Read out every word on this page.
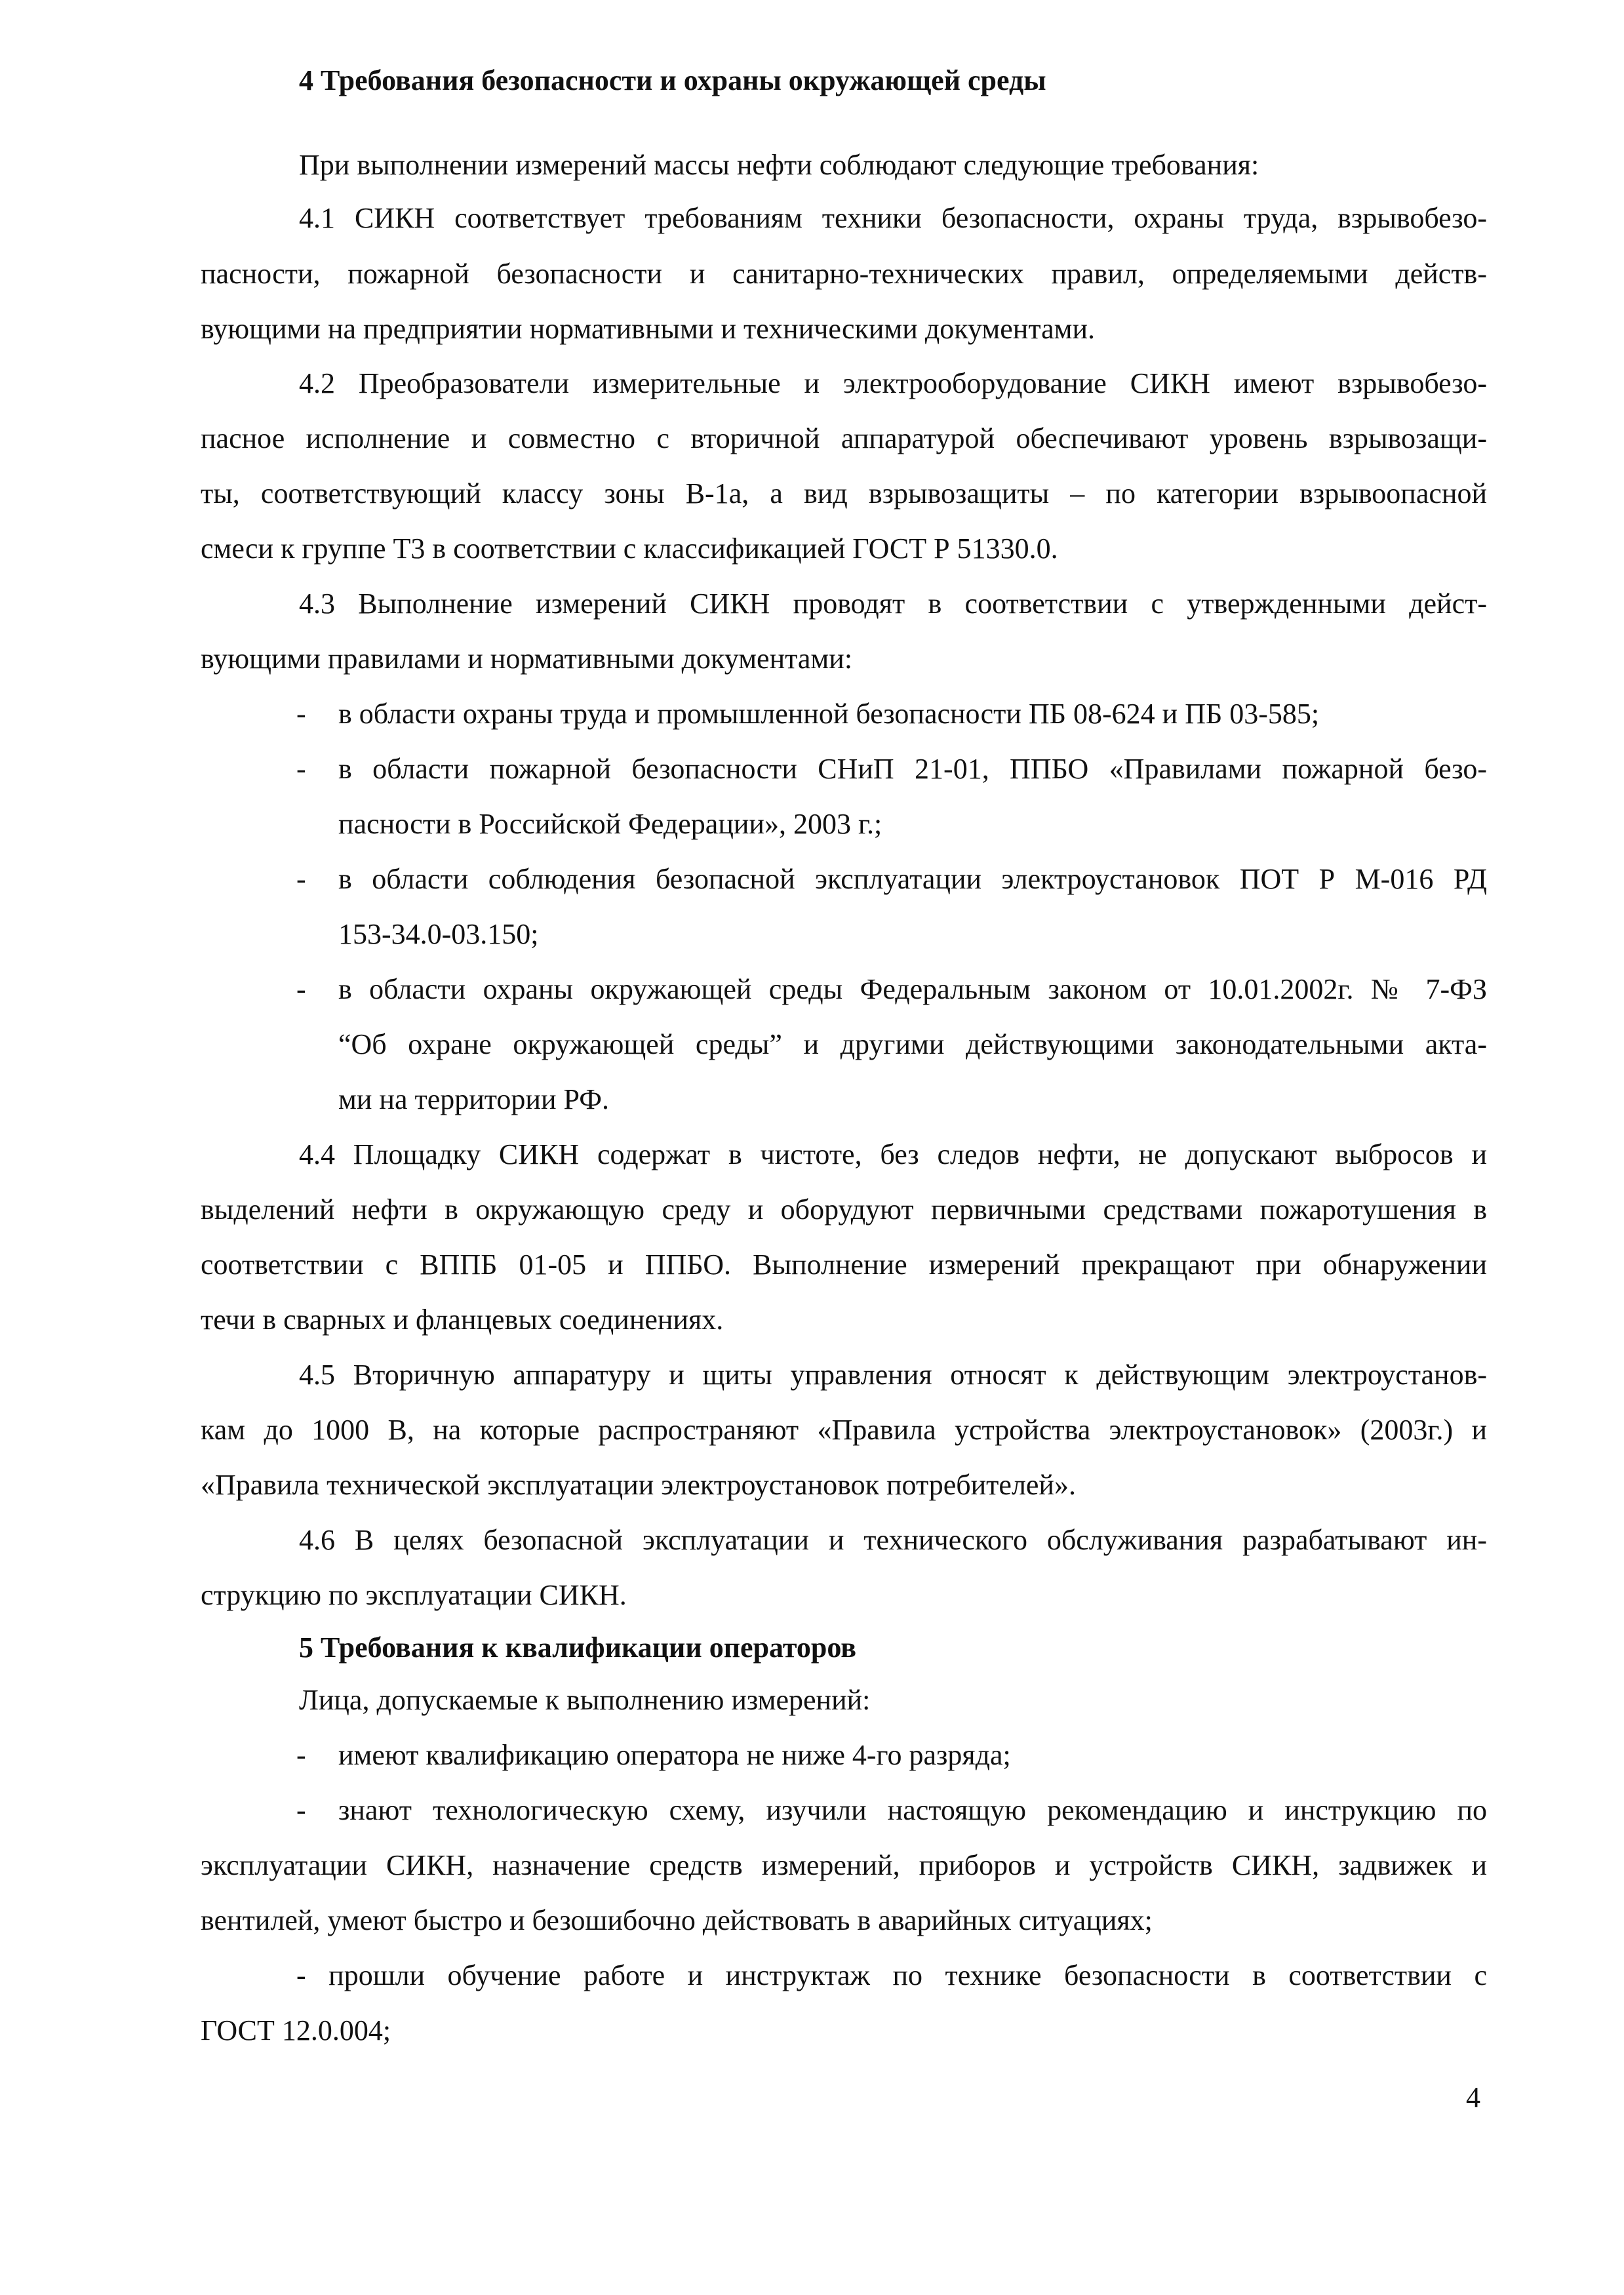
4 Требования безопасности и охраны окружающей среды
При выполнении измерений массы нефти соблюдают следующие требования:
4.1 СИКН соответствует требованиям техники безопасности, охраны труда, взрывобезо-
пасности, пожарной безопасности и санитарно-технических правил, определяемыми действ-
вующими на предприятии нормативными и техническими документами.
4.2 Преобразователи измерительные и электрооборудование СИКН имеют взрывобезо-
пасное исполнение и совместно с вторичной аппаратурой обеспечивают уровень взрывозащи-
ты, соответствующий классу зоны В-1а, а вид взрывозащиты – по категории взрывоопасной
смеси к группе Т3 в соответствии с классификацией ГОСТ Р 51330.0.
4.3 Выполнение измерений СИКН проводят в соответствии с утвержденными дейст-
вующими правилами и нормативными документами:
- в области охраны труда и промышленной безопасности ПБ 08-624 и ПБ 03-585;
- в области пожарной безопасности СНиП 21-01, ППБО «Правилами пожарной безо-
пасности в Российской Федерации», 2003 г.;
- в области соблюдения безопасной эксплуатации электроустановок ПОТ Р М-016 РД
153-34.0-03.150;
- в области охраны окружающей среды Федеральным законом от 10.01.2002г. № 7-ФЗ
“Об охране окружающей среды” и другими действующими законодательными акта-
ми на территории РФ.
4.4 Площадку СИКН содержат в чистоте, без следов нефти, не допускают выбросов и
выделений нефти в окружающую среду и оборудуют первичными средствами пожаротушения в
соответствии с ВППБ 01-05 и ППБО. Выполнение измерений прекращают при обнаружении
течи в сварных и фланцевых соединениях.
4.5 Вторичную аппаратуру и щиты управления относят к действующим электроустанов-
кам до 1000 В, на которые распространяют «Правила устройства электроустановок» (2003г.) и
«Правила технической эксплуатации электроустановок потребителей».
4.6 В целях безопасной эксплуатации и технического обслуживания разрабатывают ин-
струкцию по эксплуатации СИКН.
5 Требования к квалификации операторов
Лица, допускаемые к выполнению измерений:
- имеют квалификацию оператора не ниже 4-го разряда;
- знают технологическую схему, изучили настоящую рекомендацию и инструкцию по
эксплуатации СИКН, назначение средств измерений, приборов и устройств СИКН, задвижек и
вентилей, умеют быстро и безошибочно действовать в аварийных ситуациях;
- прошли обучение работе и инструктаж по технике безопасности в соответствии с
ГОСТ 12.0.004;
4
